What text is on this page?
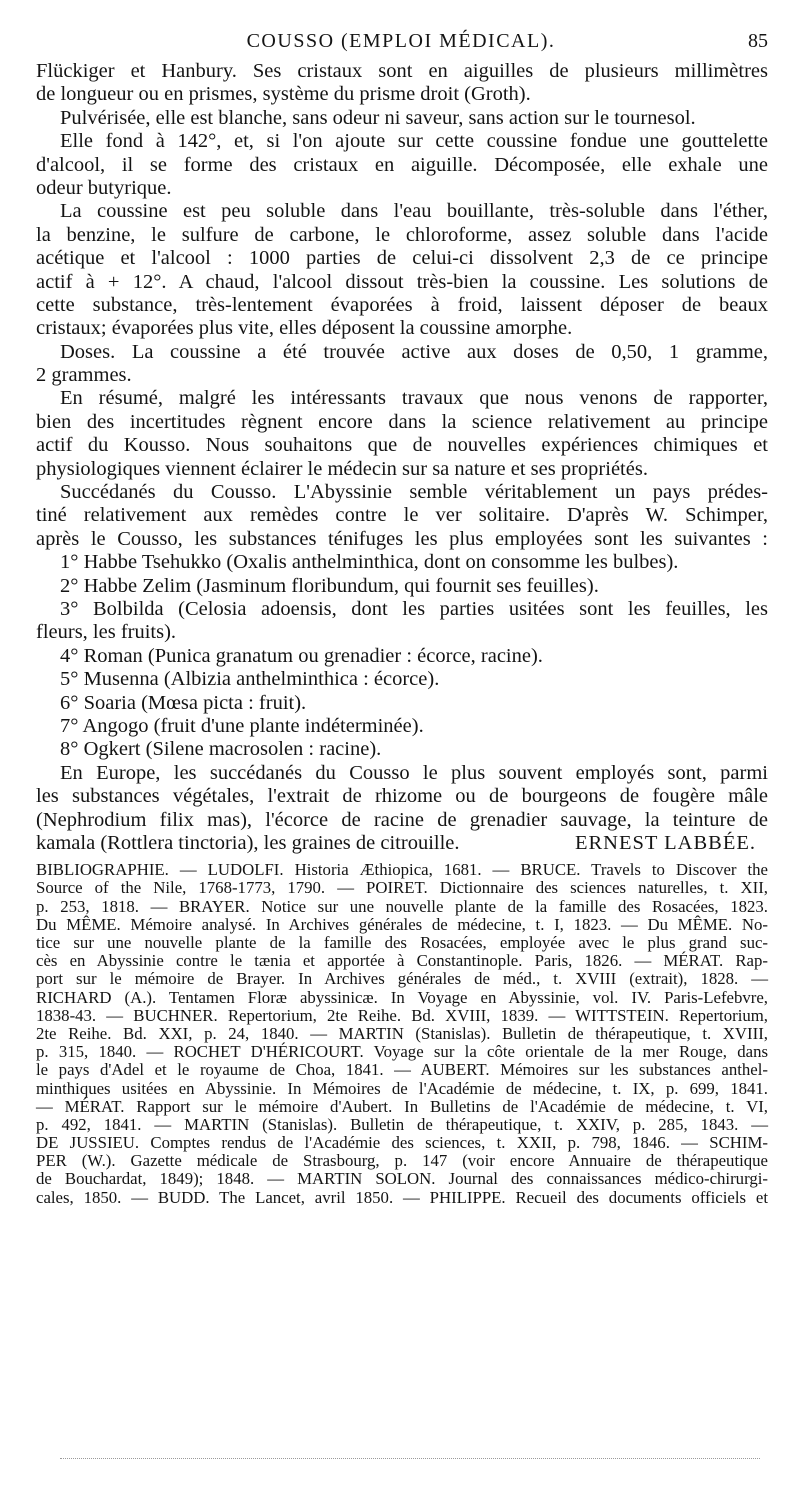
COUSSO (EMPLOI MÉDICAL).	85
Flückiger et Hanbury. Ses cristaux sont en aiguilles de plusieurs millimètres
de longueur ou en prismes, système du prisme droit (Groth).
Pulvérisée, elle est blanche, sans odeur ni saveur, sans action sur le tournesol.
Elle fond à 142°, et, si l'on ajoute sur cette coussine fondue une gouttelette
d'alcool, il se forme des cristaux en aiguille. Décomposée, elle exhale une
odeur butyrique.
La coussine est peu soluble dans l'eau bouillante, très-soluble dans l'éther,
la benzine, le sulfure de carbone, le chloroforme, assez soluble dans l'acide
acétique et l'alcool : 1000 parties de celui-ci dissolvent 2,3 de ce principe
actif à + 12°. A chaud, l'alcool dissout très-bien la coussine. Les solutions de
cette substance, très-lentement évaporées à froid, laissent déposer de beaux
cristaux; évaporées plus vite, elles déposent la coussine amorphe.
Doses. La coussine a été trouvée active aux doses de 0,50, 1 gramme,
2 grammes.
En résumé, malgré les intéressants travaux que nous venons de rapporter,
bien des incertitudes règnent encore dans la science relativement au principe
actif du Kousso. Nous souhaitons que de nouvelles expériences chimiques et
physiologiques viennent éclairer le médecin sur sa nature et ses propriétés.
Succédanés du Cousso. L'Abyssinie semble véritablement un pays prédes-
tiné relativement aux remèdes contre le ver solitaire. D'après W. Schimper,
après le Cousso, les substances ténifuges les plus employées sont les suivantes :
1° Habbe Tsehukko (Oxalis anthelminthica, dont on consomme les bulbes).
2° Habbe Zelim (Jasminum floribundum, qui fournit ses feuilles).
3° Bolbilda (Celosia adoensis, dont les parties usitées sont les feuilles, les
fleurs, les fruits).
4° Roman (Punica granatum ou grenadier : écorce, racine).
5° Musenna (Albizia anthelminthica : écorce).
6° Soaria (Mœsa picta : fruit).
7° Angogo (fruit d'une plante indéterminée).
8° Ogkert (Silene macrosolen : racine).
En Europe, les succédanés du Cousso le plus souvent employés sont, parmi
les substances végétales, l'extrait de rhizome ou de bourgeons de fougère mâle
(Nephrodium filix mas), l'écorce de racine de grenadier sauvage, la teinture de
kamala (Rottlera tinctoria), les graines de citrouille.	ERNEST LABBÉE.
BIBLIOGRAPHIE. — LUDOLFI. Historia Æthiopica, 1681. — BRUCE. Travels to Discover the
Source of the Nile, 1768-1773, 1790. — POIRET. Dictionnaire des sciences naturelles, t. XII,
p. 253, 1818. — BRAYER. Notice sur une nouvelle plante de la famille des Rosacées, 1823.
Du MÊME. Mémoire analysé. In Archives générales de médecine, t. I, 1823. — Du MÊME. No-
tice sur une nouvelle plante de la famille des Rosacées, employée avec le plus grand suc-
cès en Abyssinie contre le tænia et apportée à Constantinople. Paris, 1826. — MÉRAT. Rap-
port sur le mémoire de Brayer. In Archives générales de méd., t. XVIII (extrait), 1828. —
RICHARD (A.). Tentamen Floræ abyssinicæ. In Voyage en Abyssinie, vol. IV. Paris-Lefebvre,
1838-43. — BUCHNER. Repertorium, 2te Reihe. Bd. XVIII, 1839. — WITTSTEIN. Repertorium,
2te Reihe. Bd. XXI, p. 24, 1840. — MARTIN (Stanislas). Bulletin de thérapeutique, t. XVIII,
p. 315, 1840. — ROCHET D'HÉRICOURT. Voyage sur la côte orientale de la mer Rouge, dans
le pays d'Adel et le royaume de Choa, 1841. — AUBERT. Mémoires sur les substances anthel-
minthiques usitées en Abyssinie. In Mémoires de l'Académie de médecine, t. IX, p. 699, 1841.
— MÉRAT. Rapport sur le mémoire d'Aubert. In Bulletins de l'Académie de médecine, t. VI,
p. 492, 1841. — MARTIN (Stanislas). Bulletin de thérapeutique, t. XXIV, p. 285, 1843. —
DE JUSSIEU. Comptes rendus de l'Académie des sciences, t. XXII, p. 798, 1846. — SCHIM-
PER (W.). Gazette médicale de Strasbourg, p. 147 (voir encore Annuaire de thérapeutique
de Bouchardat, 1849); 1848. — MARTIN SOLON. Journal des connaissances médico-chirurgi-
cales, 1850. — BUDD. The Lancet, avril 1850. — PHILIPPE. Recueil des documents officiels et
